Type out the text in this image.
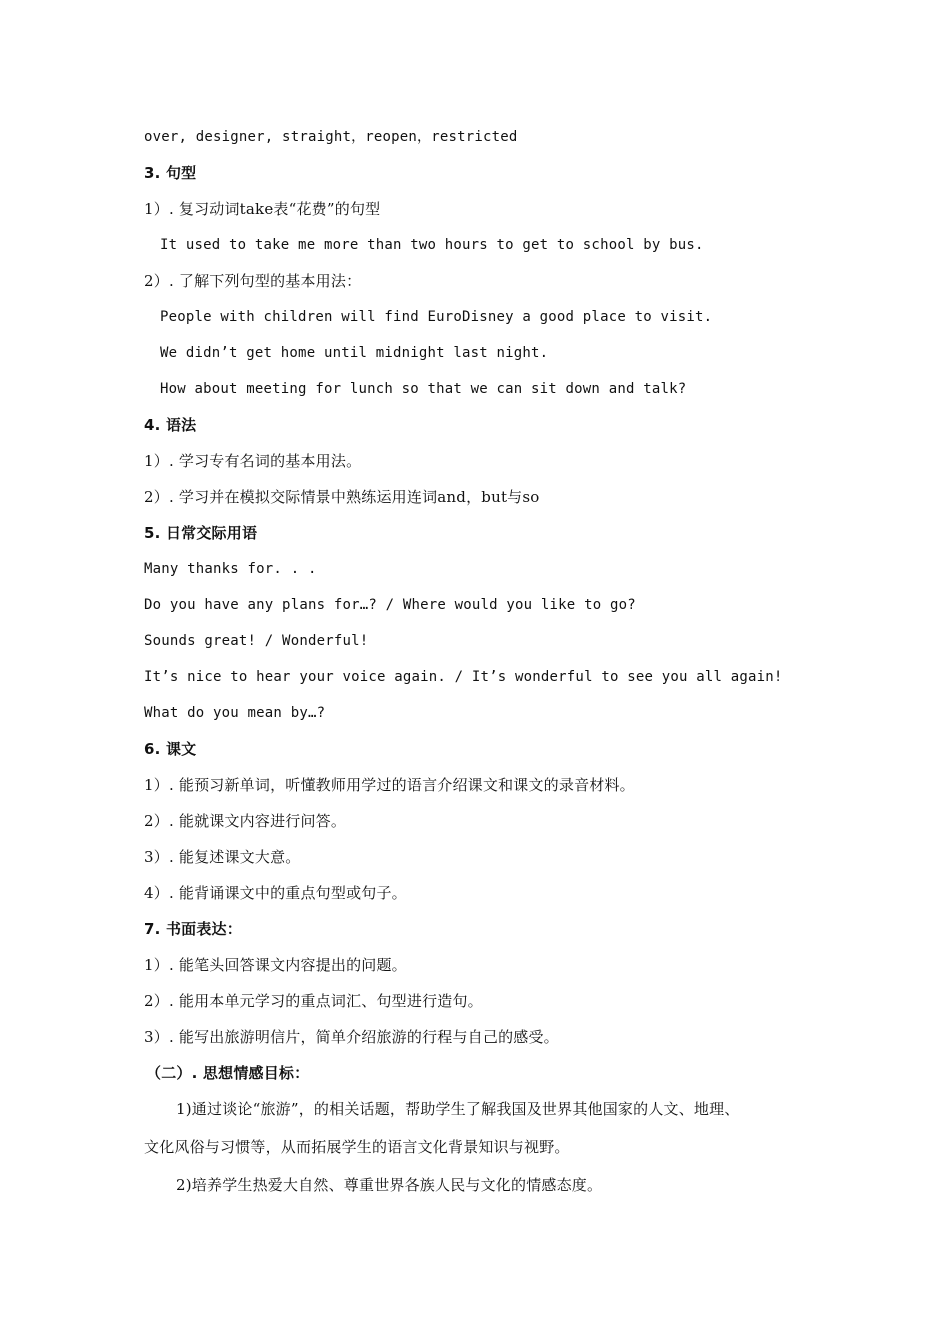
over, designer, straight，reopen，restricted
3. 句型
1）. 复习动词take表“花费”的句型
It used to take me more than two hours to get to school by bus.
2）. 了解下列句型的基本用法：
People with children will find EuroDisney a good place to visit.
We didn’t get home until midnight last night.
How about meeting for lunch so that we can sit down and talk?
4. 语法
1）. 学习专有名词的基本用法。
2）. 学习并在模拟交际情景中熟练运用连词and，but与so
5. 日常交际用语
Many thanks for. . .
Do you have any plans for…? / Where would you like to go?
Sounds great! / Wonderful!
It’s nice to hear your voice again. / It’s wonderful to see you all again!
What do you mean by…?
6. 课文
1）. 能预习新单词，听懂教师用学过的语言介绍课文和课文的录音材料。
2）. 能就课文内容进行问答。
3）. 能复述课文大意。
4）. 能背诵课文中的重点句型或句子。
7. 书面表达：
1）. 能笔头回答课文内容提出的问题。
2）. 能用本单元学习的重点词汇、句型进行造句。
3）. 能写出旅游明信片，简单介绍旅游的行程与自己的感受。
（二）. 思想情感目标：
1)通过谈论“旅游”，的相关话题，帮助学生了解我国及世界其他国家的人文、地理、
文化风俗与习惯等，从而拓展学生的语言文化背景知识与视野。
2)培养学生热爱大自然、尊重世界各族人民与文化的情感态度。
